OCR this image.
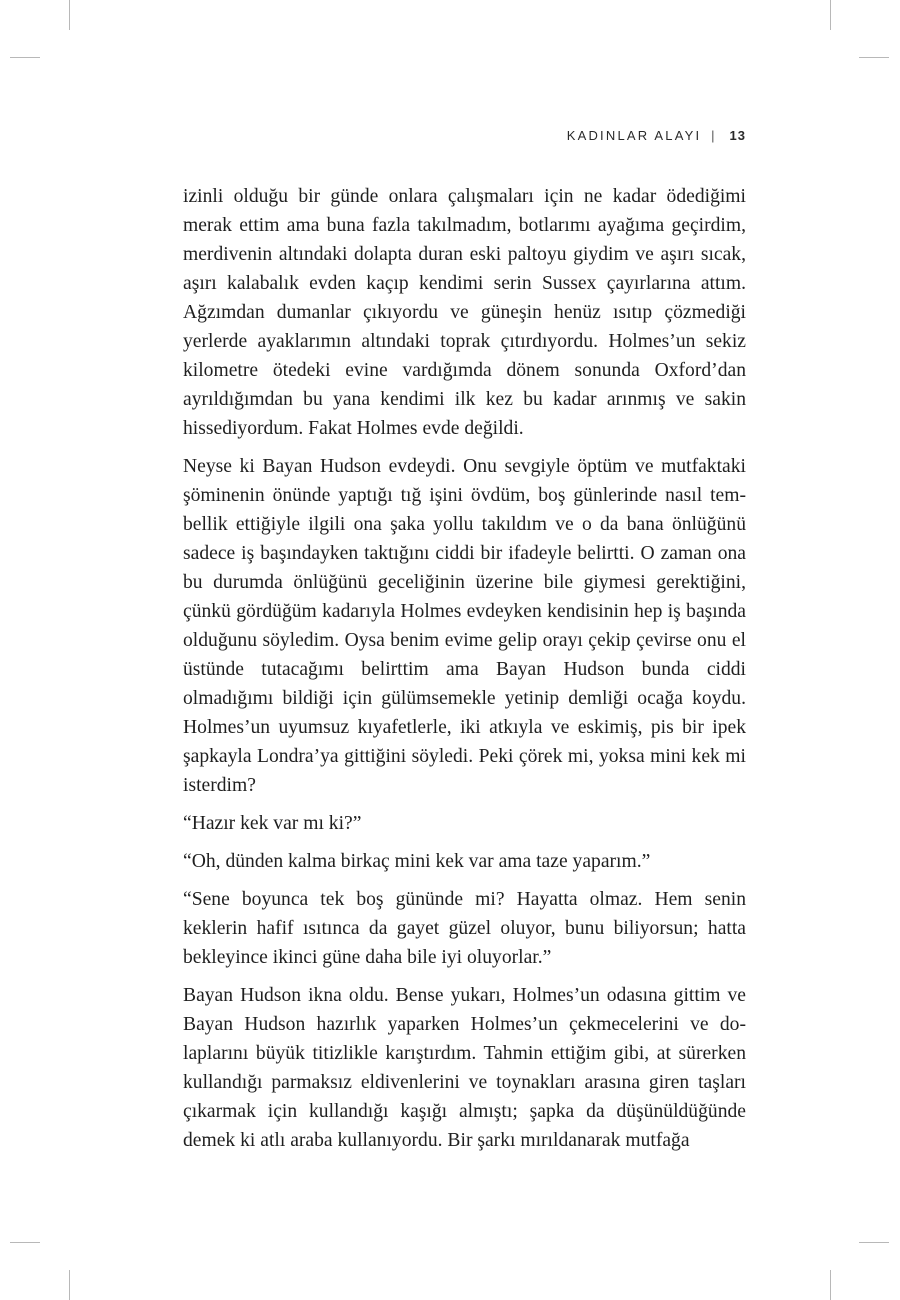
KADINLAR ALAYI | 13

izinli olduğu bir günde onlara çalışmaları için ne kadar ödediğimi merak ettim ama buna fazla takılmadım, botlarımı ayağıma geçirdim, merdivenin altındaki dolapta duran eski paltoyu giydim ve aşırı sıcak, aşırı kalabalık evden kaçıp kendimi serin Sussex çayırlarına attım. Ağzımdan dumanlar çıkıyordu ve güneşin henüz ısıtıp çözmediği yerlerde ayaklarımın altındaki toprak çıtırdıyordu. Holmes’un sekiz kilometre ötedeki evine vardığımda dönem sonunda Oxford’dan ayrıldığımdan bu yana kendimi ilk kez bu kadar arınmış ve sakin hissediyordum. Fakat Holmes evde değildi.

Neyse ki Bayan Hudson evdeydi. Onu sevgiyle öptüm ve mutfaktaki şöminenin önünde yaptığı tığ işini övdüm, boş günlerinde nasıl tembellik ettiğiyle ilgili ona şaka yollu takıldım ve o da bana önlüğünü sadece iş başındayken taktığını ciddi bir ifadeyle belirtti. O zaman ona bu durumda önlüğünü geceliğinin üzerine bile giymesi gerektiğini, çünkü gördüğüm kadarıyla Holmes evdeyken kendisinin hep iş başında olduğunu söyledim. Oysa benim evime gelip orayı çekip çevirse onu el üstünde tutacağımı belirttim ama Bayan Hudson bunda ciddi olmadığımı bildiği için gülümsemekle yetinip demliği ocağa koydu. Holmes’un uyumsuz kıyafetlerle, iki atkıyla ve eskimiş, pis bir ipek şapkayla Londra’ya gittiğini söyledi. Peki çörek mi, yoksa mini kek mi isterdim?

“Hazır kek var mı ki?”

“Oh, dünden kalma birkaç mini kek var ama taze yaparım.”

“Sene boyunca tek boş gününde mi? Hayatta olmaz. Hem senin keklerin hafif ısıtınca da gayet güzel oluyor, bunu biliyorsun; hatta bekleyince ikinci güne daha bile iyi oluyorlar.”

Bayan Hudson ikna oldu. Bense yukarı, Holmes’un odasına gittim ve Bayan Hudson hazırlık yaparken Holmes’un çekmecelerini ve dolaplarını büyük titizlikle karıştırdım. Tahmin ettiğim gibi, at sürerken kullandığı parmaksız eldivenlerini ve toynakları arasına giren taşları çıkarmak için kullandığı kaşığı almıştı; şapka da düşünüldüğünde demek ki atlı araba kullanıyordu. Bir şarkı mırıldanarak mutfağa
